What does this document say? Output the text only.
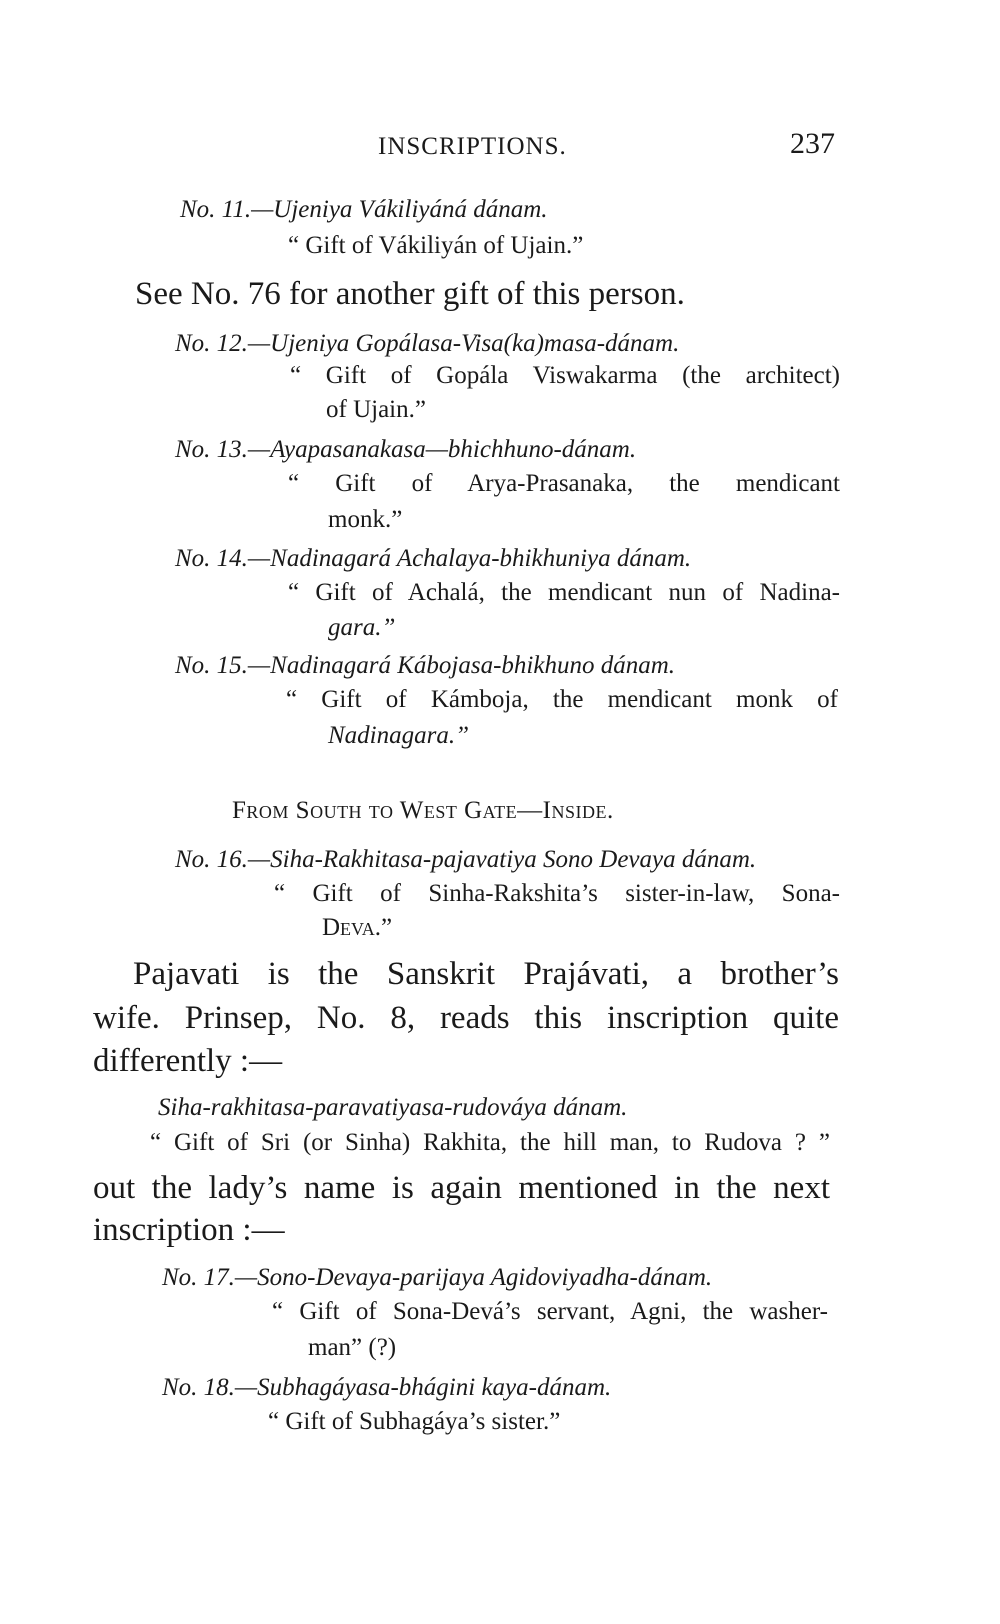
INSCRIPTIONS.	237
No. 11.—Ujeniya Vákiliyáná dánam.
“ Gift of Vákiliyán of Ujain.”
See No. 76 for another gift of this person.
No. 12.—Ujeniya Gopálasa-Visa(ka)masa-dánam.
“ Gift of Gopála Viswakarma (the architect)
of Ujain.”
No. 13.—Ayapasanakasa—bhichhuno-dánam.
“ Gift of Arya-Prasanaka, the mendicant
monk.”
No. 14.—Nadinagará Achalaya-bhikhuniya dánam.
“ Gift of Achalá, the mendicant nun of Nadina-
gara.”
No. 15.—Nadinagará Kábojasa-bhikhuno dánam.
“ Gift of Kámboja, the mendicant monk of
Nadinagara.”
From South to West Gate—Inside.
No. 16.—Siha-Rakhitasa-pajavatiya Sono Devaya dánam.
“ Gift of Sinha-Rakshita’s sister-in-law, Sona-
Deva.”
Pajavati is the Sanskrit Prajávati, a brother’s
wife. Prinsep, No. 8, reads this inscription quite
differently :—
Siha-rakhitasa-paravatiyasa-rudováya dánam.
“ Gift of Sri (or Sinha) Rakhita, the hill man, to Rudova ? ”
out the lady’s name is again mentioned in the next
inscription :—
No. 17.—Sono-Devaya-parijaya Agidoviyadha-dánam.
“ Gift of Sona-Devá’s servant, Agni, the washer-
man” (?)
No. 18.—Subhagáyasa-bhágini kaya-dánam.
“ Gift of Subhagáya’s sister.”
